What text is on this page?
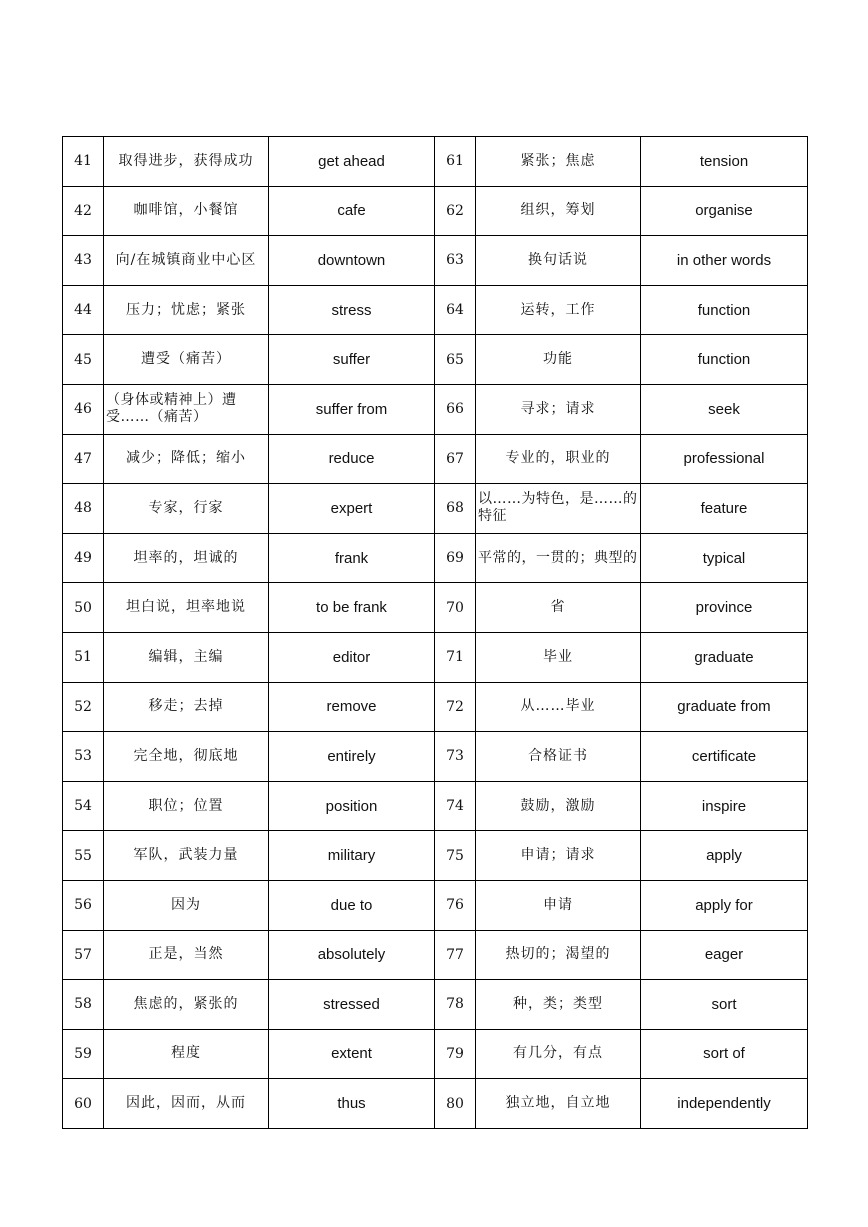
41	取得进步，获得成功	get ahead	61	紧张；焦虑	tension
42	咖啡馆，小餐馆	cafe	62	组织，筹划	organise
43	向/在城镇商业中心区	downtown	63	换句话说	in other words
44	压力；忧虑；紧张	stress	64	运转，工作	function
45	遭受（痛苦）	suffer	65	功能	function
46	（身体或精神上）遭受……（痛苦）	suffer from	66	寻求；请求	seek
47	减少；降低；缩小	reduce	67	专业的，职业的	professional
48	专家，行家	expert	68	以……为特色，是……的特征	feature
49	坦率的，坦诚的	frank	69	平常的，一贯的；典型的	typical
50	坦白说，坦率地说	to be frank	70	省	province
51	编辑，主编	editor	71	毕业	graduate
52	移走；去掉	remove	72	从……毕业	graduate from
53	完全地，彻底地	entirely	73	合格证书	certificate
54	职位；位置	position	74	鼓励，激励	inspire
55	军队，武装力量	military	75	申请；请求	apply
56	因为	due to	76	申请	apply for
57	正是，当然	absolutely	77	热切的；渴望的	eager
58	焦虑的，紧张的	stressed	78	种，类；类型	sort
59	程度	extent	79	有几分，有点	sort of
60	因此，因而，从而	thus	80	独立地，自立地	independently
